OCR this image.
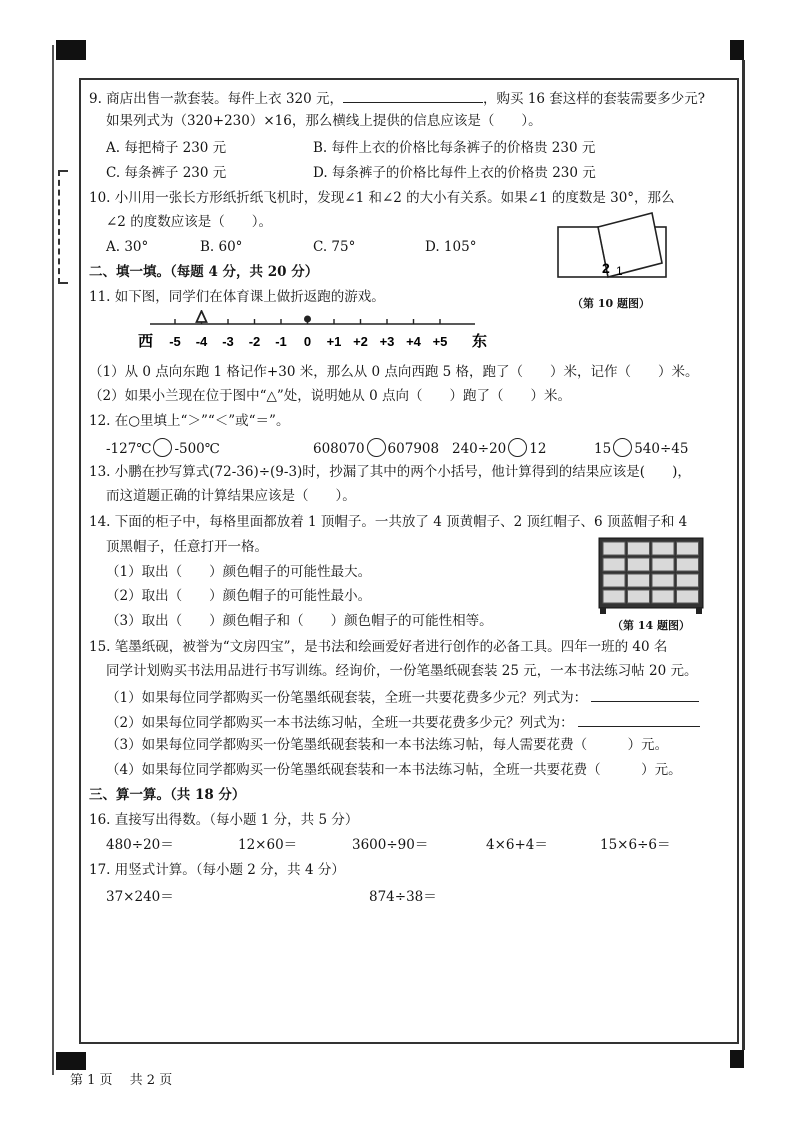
9. 商店出售一款套装。每件上衣 320 元，	，购买 16 套这样的套装需要多少元?
如果列式为（320+230）×16，那么横线上提供的信息应该是（　　）。
A. 每把椅子 230 元	B. 每件上衣的价格比每条裤子的价格贵 230 元
C. 每条裤子 230 元	D. 每条裤子的价格比每件上衣的价格贵 230 元
10. 小川用一张长方形纸折纸飞机时，发现∠1 和∠2 的大小有关系。如果∠1 的度数是 30°，那么
∠2 的度数应该是（　　）。
A. 30°	B. 60°	C. 75°	D. 105°
2 1
（第 10 题图）
二、填一填。（每题 4 分，共 20 分）
11. 如下图，同学们在体育课上做折返跑的游戏。
-5 -4 -3 -2 -1 0 +1 +2 +3 +4 +5
西	东
（1）从 0 点向东跑 1 格记作+30 米，那么从 0 点向西跑 5 格，跑了（　　）米，记作（　　）米。
（2）如果小兰现在位于图中“△”处，说明她从 0 点向（　　）跑了（　　）米。
12. 在○里填上“＞”“＜”或“＝”。
-127℃ -500℃	608070 607908 240÷20 12	15 540÷45
13. 小鹏在抄写算式(72-36)÷(9-3)时，抄漏了其中的两个小括号，他计算得到的结果应该是(　　)，
而这道题正确的计算结果应该是（　　）。
14. 下面的柜子中，每格里面都放着 1 顶帽子。一共放了 4 顶黄帽子、2 顶红帽子、6 顶蓝帽子和 4
顶黑帽子，任意打开一格。
（1）取出（　　）颜色帽子的可能性最大。
（2）取出（　　）颜色帽子的可能性最小。
（3）取出（　　）颜色帽子和（　　）颜色帽子的可能性相等。	（第 14 题图）
15. 笔墨纸砚，被誉为“文房四宝”，是书法和绘画爱好者进行创作的必备工具。四年一班的 40 名
同学计划购买书法用品进行书写训练。经询价，一份笔墨纸砚套装 25 元，一本书法练习帖 20 元。
（1）如果每位同学都购买一份笔墨纸砚套装，全班一共要花费多少元？列式为：
（2）如果每位同学都购买一本书法练习帖，全班一共要花费多少元？列式为：
（3）如果每位同学都购买一份笔墨纸砚套装和一本书法练习帖，每人需要花费（　　　）元。
（4）如果每位同学都购买一份笔墨纸砚套装和一本书法练习帖，全班一共要花费（　　　）元。
三、算一算。（共 18 分）
16. 直接写出得数。（每小题 1 分，共 5 分）
480÷20＝	12×60＝	3600÷90＝	4×6+4＝	15×6÷6＝
17. 用竖式计算。（每小题 2 分，共 4 分）
37×240＝	874÷38＝
第 1 页　 共 2 页
